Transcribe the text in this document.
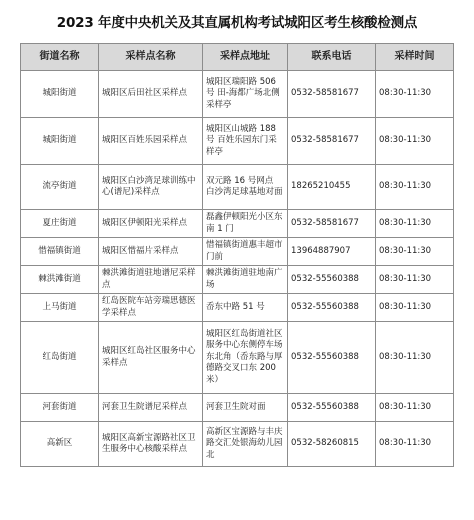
2023 年度中央机关及其直属机构考试城阳区考生核酸检测点
街道名称	采样点名称	采样点地址	联系电话	采样时间
城阳街道	城阳区后田社区采样点	城阳区瑞阳路 506 号 田-海都广场北侧采样亭	0532-58581677	08:30-11:30
城阳街道	城阳区百姓乐园采样点	城阳区山城路 188 号 百姓乐园东门采样亭	0532-58581677	08:30-11:30
流亭街道	城阳区白沙湾足球训练中心(谱尼)采样点	双元路 16 号网点 白沙湾足球基地对面	18265210455	08:30-11:30
夏庄街道	城阳区伊顿阳光采样点	磊鑫伊顿阳光小区东南 1 门	0532-58581677	08:30-11:30
惜福镇街道	城阳区惜福片采样点	惜福镇街道惠丰超市门前	13964887907	08:30-11:30
棘洪滩街道	棘洪滩街道驻地谱尼采样点	棘洪滩街道驻地南广场	0532-55560388	08:30-11:30
上马街道	红岛医院车站旁瑞思德医学采样点	岙东中路 51 号	0532-55560388	08:30-11:30
红岛街道	城阳区红岛社区服务中心采样点	城阳区红岛街道社区服务中心东侧停车场东北角（岙东路与厚德路交叉口东 200 米）	0532-55560388	08:30-11:30
河套街道	河套卫生院谱尼采样点	河套卫生院对面	0532-55560388	08:30-11:30
高新区	城阳区高新宝源路社区卫生服务中心核酸采样点	高新区宝源路与丰庆路交汇处银海幼儿园北	0532-58260815	08:30-11:30
